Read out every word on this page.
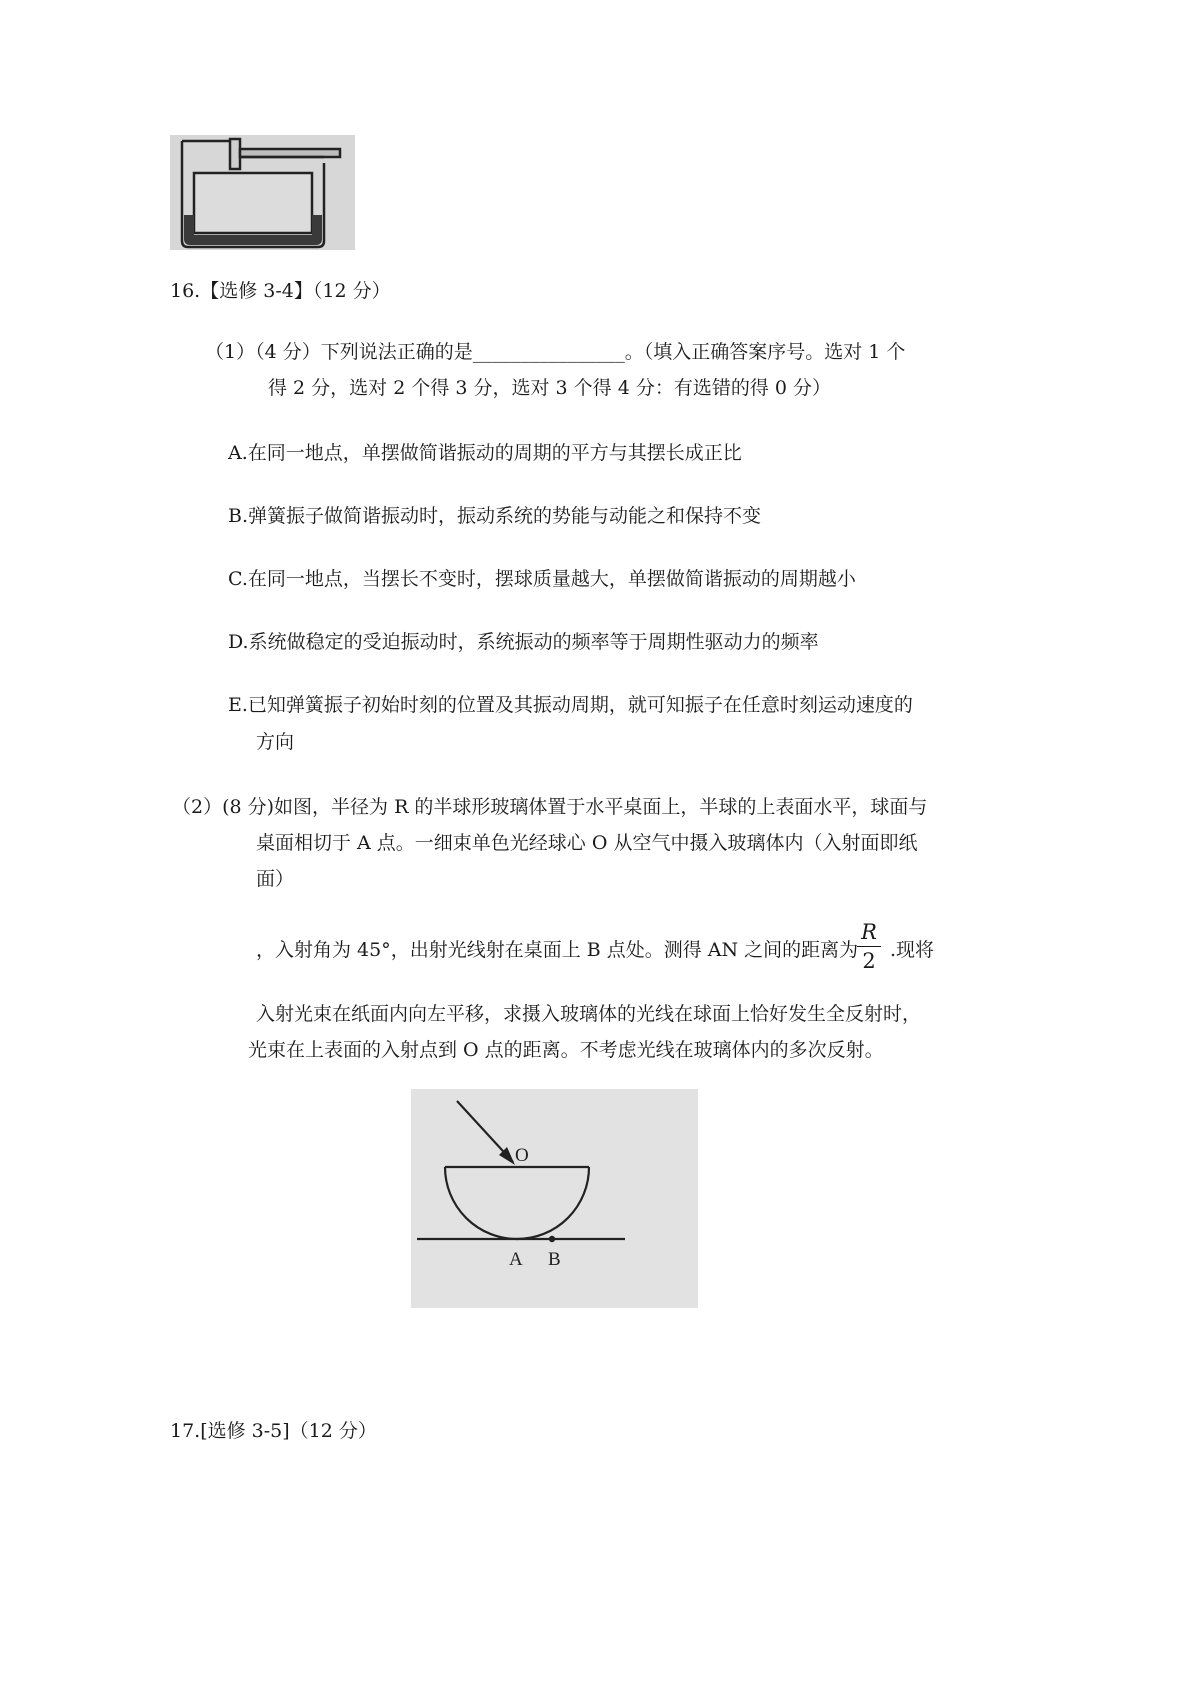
16.【选修 3-4】（12 分）
（1）（4 分）下列说法正确的是________________。（填入正确答案序号。选对 1 个
得 2 分，选对 2 个得 3 分，选对 3 个得 4 分：有选错的得 0 分）
A.在同一地点，单摆做简谐振动的周期的平方与其摆长成正比
B.弹簧振子做简谐振动时，振动系统的势能与动能之和保持不变
C.在同一地点，当摆长不变时，摆球质量越大，单摆做简谐振动的周期越小
D.系统做稳定的受迫振动时，系统振动的频率等于周期性驱动力的频率
E.已知弹簧振子初始时刻的位置及其振动周期，就可知振子在任意时刻运动速度的
方向
（2）(8 分)如图，半径为 R 的半球形玻璃体置于水平桌面上，半球的上表面水平，球面与
桌面相切于 A 点。一细束单色光经球心 O 从空气中摄入玻璃体内（入射面即纸
面）
，入射角为 45°，出射光线射在桌面上 B 点处。测得 AN 之间的距离为
R
2 .现将
入射光束在纸面内向左平移，求摄入玻璃体的光线在球面上恰好发生全反射时，
光束在上表面的入射点到 O 点的距离。不考虑光线在玻璃体内的多次反射。
O
A B
17.[选修 3-5]（12 分）
